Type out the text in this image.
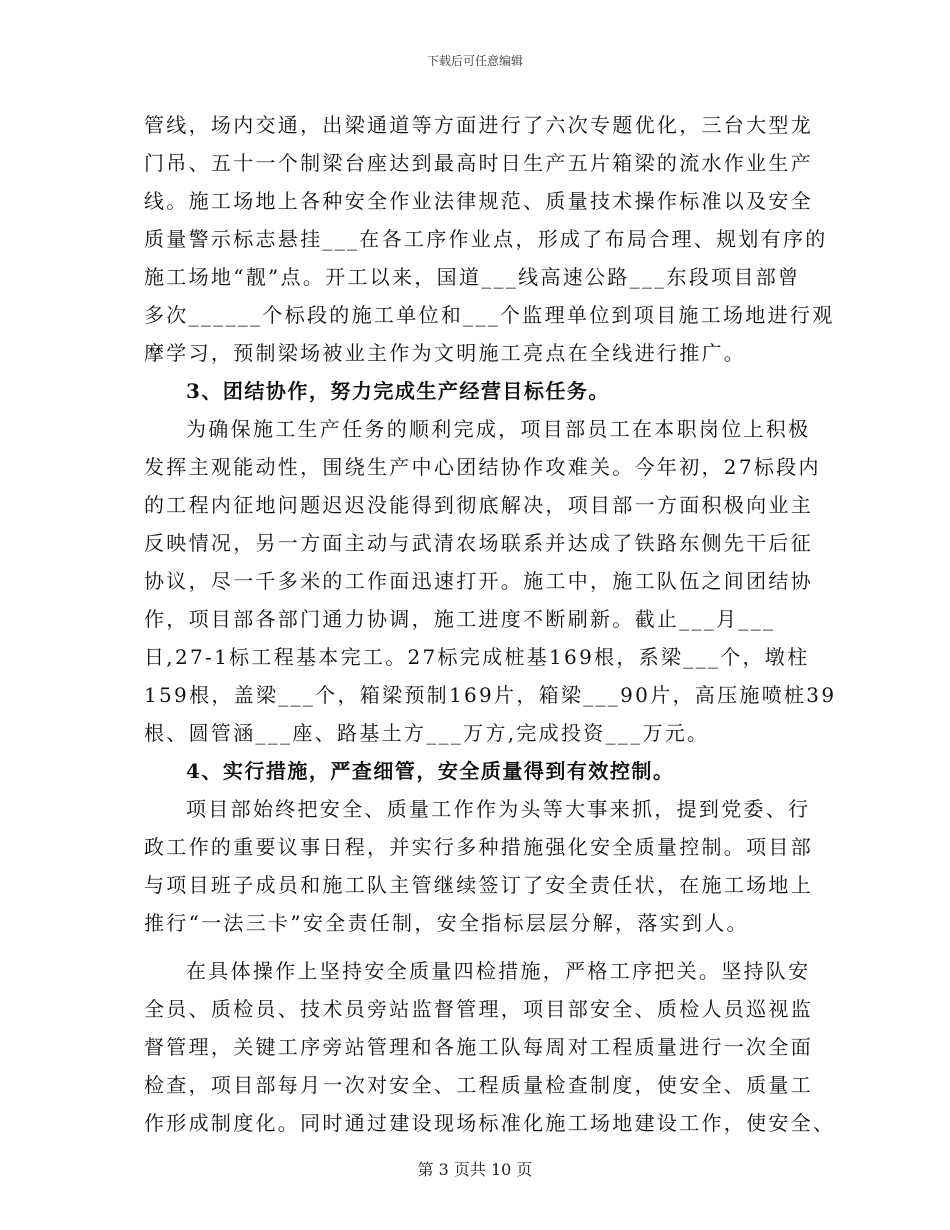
下载后可任意编辑
管线，场内交通，出梁通道等方面进行了六次专题优化，三台大型龙
门吊、五十一个制梁台座达到最高时日生产五片箱梁的流水作业生产
线。施工场地上各种安全作业法律规范、质量技术操作标准以及安全
质量警示标志悬挂___在各工序作业点，形成了布局合理、规划有序的
施工场地“靓”点。开工以来，国道___线高速公路___东段项目部曾
多次______个标段的施工单位和___个监理单位到项目施工场地进行观
摩学习，预制梁场被业主作为文明施工亮点在全线进行推广。
3、团结协作，努力完成生产经营目标任务。
为确保施工生产任务的顺利完成，项目部员工在本职岗位上积极
发挥主观能动性，围绕生产中心团结协作攻难关。今年初，27标段内
的工程内征地问题迟迟没能得到彻底解决，项目部一方面积极向业主
反映情况，另一方面主动与武清农场联系并达成了铁路东侧先干后征
协议，尽一千多米的工作面迅速打开。施工中，施工队伍之间团结协
作，项目部各部门通力协调，施工进度不断刷新。截止___月___
日,27-1标工程基本完工。27标完成桩基169根，系梁___个，墩柱
159根，盖梁___个，箱梁预制169片，箱梁___90片，高压施喷桩39
根、圆管涵___座、路基土方___万方,完成投资___万元。
4、实行措施，严查细管，安全质量得到有效控制。
项目部始终把安全、质量工作作为头等大事来抓，提到党委、行
政工作的重要议事日程，并实行多种措施强化安全质量控制。项目部
与项目班子成员和施工队主管继续签订了安全责任状，在施工场地上
推行“一法三卡”安全责任制，安全指标层层分解，落实到人。
在具体操作上坚持安全质量四检措施，严格工序把关。坚持队安
全员、质检员、技术员旁站监督管理，项目部安全、质检人员巡视监
督管理，关键工序旁站管理和各施工队每周对工程质量进行一次全面
检查，项目部每月一次对安全、工程质量检查制度，使安全、质量工
作形成制度化。同时通过建设现场标准化施工场地建设工作，使安全、
第 3 页共 10 页
